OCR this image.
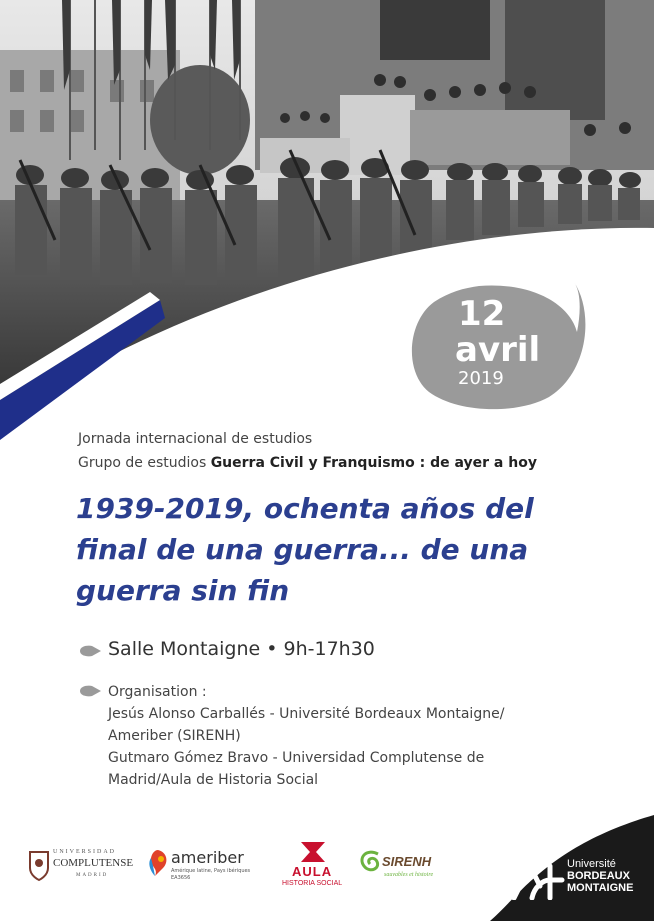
12
avril
2019
Jornada internacional de estudios
Grupo de estudios Guerra Civil y Franquismo : de ayer a hoy
1939-2019, ochenta años del
final de una guerra... de una
guerra sin fin
Salle Montaigne • 9h-17h30
Organisation :
Jesús Alonso Carballés - Université Bordeaux Montaigne/
Ameriber (SIRENH)
Gutmaro Gómez Bravo - Universidad Complutense de
Madrid/Aula de Historia Social
UNIVERSIDAD
COMPLUTENSE
MADRID
ameriber
Amérique latine, Pays ibériques
EA3656	AULA
HISTORIA SOCIAL
SIRENH
sauvables et histoire
Université
BORDEAUX
MONTAIGNE
